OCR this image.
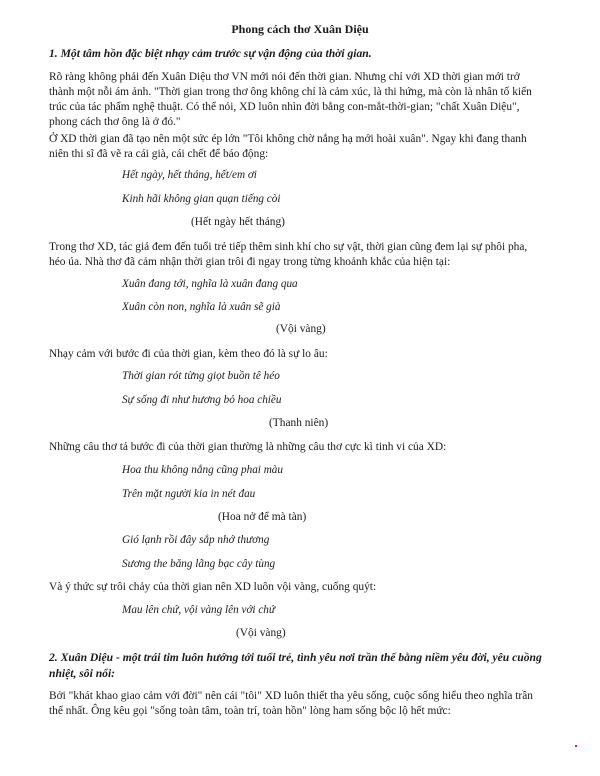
Phong cách thơ Xuân Diệu
1. Một tâm hồn đặc biệt nhạy cảm trước sự vận động của thời gian.
Rõ ràng không phải đến Xuân Diệu thơ VN mới nói đến thời gian. Nhưng chỉ với XD thời gian mới trở
thành một nỗi ám ảnh. "Thời gian trong thơ ông không chỉ là cảm xúc, là thi hứng, mà còn là nhân tố kiến
trúc của tác phẩm nghệ thuật. Có thể nói, XD luôn nhìn đời bằng con-mắt-thời-gian; "chất Xuân Diệu",
phong cách thơ ông là ở đó."
Ở XD thời gian đã tạo nên một sức ép lớn "Tôi không chờ nắng hạ mới hoài xuân". Ngay khi đang thanh
niên thi sĩ đã vẽ ra cái già, cái chết để báo động:
Hết ngày, hết tháng, hết/em ơi
Kinh hãi không gian quạn tiếng còi
(Hết ngày hết tháng)
Trong thơ XD, tác giả đem đến tuổi trẻ tiếp thêm sinh khí cho sự vật, thời gian cũng đem lại sự phôi pha,
héo úa. Nhà thơ đã cảm nhận thời gian trôi đi ngay trong từng khoảnh khắc của hiện tại:
Xuân đang tới, nghĩa là xuân đang qua
Xuân còn non, nghĩa là xuân sẽ già
(Vội vàng)
Nhạy cảm với bước đi của thời gian, kèm theo đó là sự lo âu:
Thời gian rót từng giọt buồn tê héo
Sự sống đi như hương bỏ hoa chiều
(Thanh niên)
Những câu thơ tả bước đi của thời gian thường là những câu thơ cực kì tinh vi của XD:
Hoa thu không nắng cũng phai màu
Trên mặt người kia in nét đau
(Hoa nở để mà tàn)
Gió lạnh rồi đây sắp nhớ thương
Sương the băng lãng bạc cây tùng
Và ý thức sự trôi chảy của thời gian nên XD luôn vội vàng, cuống quýt:
Mau lên chứ, vội vàng lên với chứ
(Vội vàng)
2. Xuân Diệu - một trái tim luôn hướng tới tuổi trẻ, tình yêu nơi trần thế bằng niềm yêu đời, yêu cuồng
nhiệt, sôi nổi:
Bởi "khát khao giao cảm với đời" nên cái "tôi" XD luôn thiết tha yêu sống, cuộc sống hiểu theo nghĩa trần
thế nhất. Ông kêu gọi "sống toàn tâm, toàn trí, toàn hồn" lòng ham sống bộc lộ hết mức:
